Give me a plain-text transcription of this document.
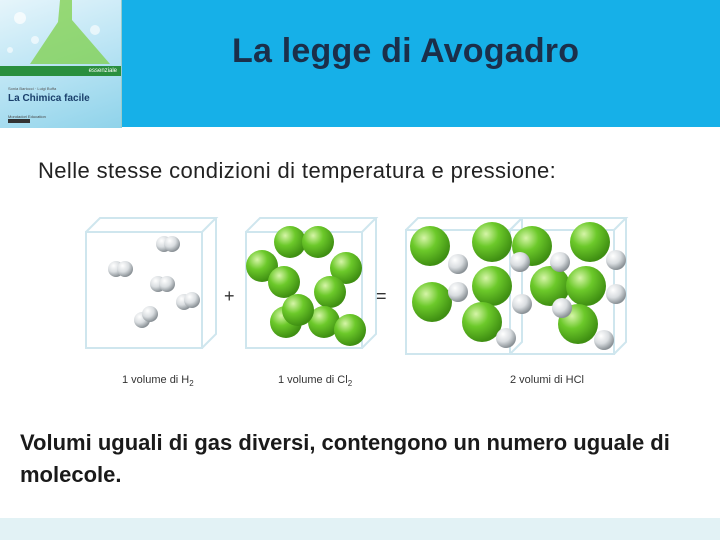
essenziale
Sonia Bartocci · Luigi Buffa
La Chimica facile
Mondadori Education
La legge di Avogadro
Nelle stesse condizioni di temperatura e pressione:
+	=
1 volume di $H_2$	1 volume di $Cl_2$	2 volumi di HCl
Volumi uguali di gas diversi, contengono un numero uguale di molecole.
